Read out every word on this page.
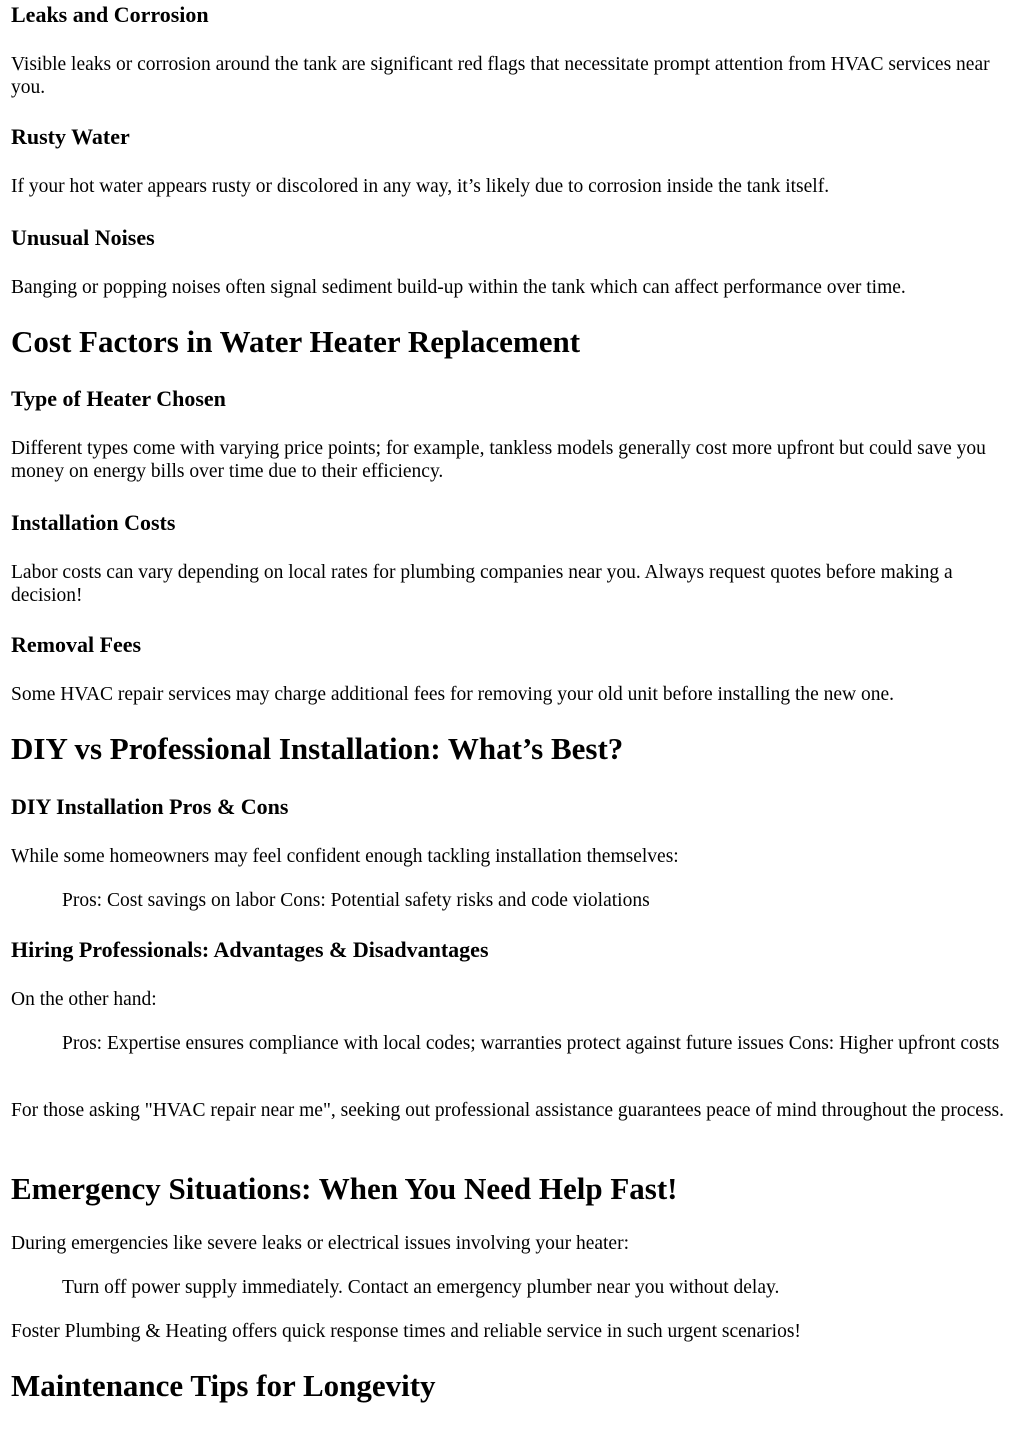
Leaks and Corrosion

Visible leaks or corrosion around the tank are significant red flags that necessitate prompt attention from HVAC services near you.

Rusty Water

If your hot water appears rusty or discolored in any way, it’s likely due to corrosion inside the tank itself.

Unusual Noises

Banging or popping noises often signal sediment build-up within the tank which can affect performance over time.

Cost Factors in Water Heater Replacement
Type of Heater Chosen

Different types come with varying price points; for example, tankless models generally cost more upfront but could save you money on energy bills over time due to their efficiency.

Installation Costs

Labor costs can vary depending on local rates for plumbing companies near you. Always request quotes before making a decision!

Removal Fees

Some HVAC repair services may charge additional fees for removing your old unit before installing the new one.

DIY vs Professional Installation: What’s Best?
DIY Installation Pros & Cons

While some homeowners may feel confident enough tackling installation themselves:

Pros: Cost savings on labor Cons: Potential safety risks and code violations
Hiring Professionals: Advantages & Disadvantages

On the other hand:

Pros: Expertise ensures compliance with local codes; warranties protect against future issues Cons: Higher upfront costs

For those asking "HVAC repair near me", seeking out professional assistance guarantees peace of mind throughout the process.

Emergency Situations: When You Need Help Fast!

During emergencies like severe leaks or electrical issues involving your heater:

Turn off power supply immediately. Contact an emergency plumber near you without delay.

Foster Plumbing & Heating offers quick response times and reliable service in such urgent scenarios!

Maintenance Tips for Longevity
